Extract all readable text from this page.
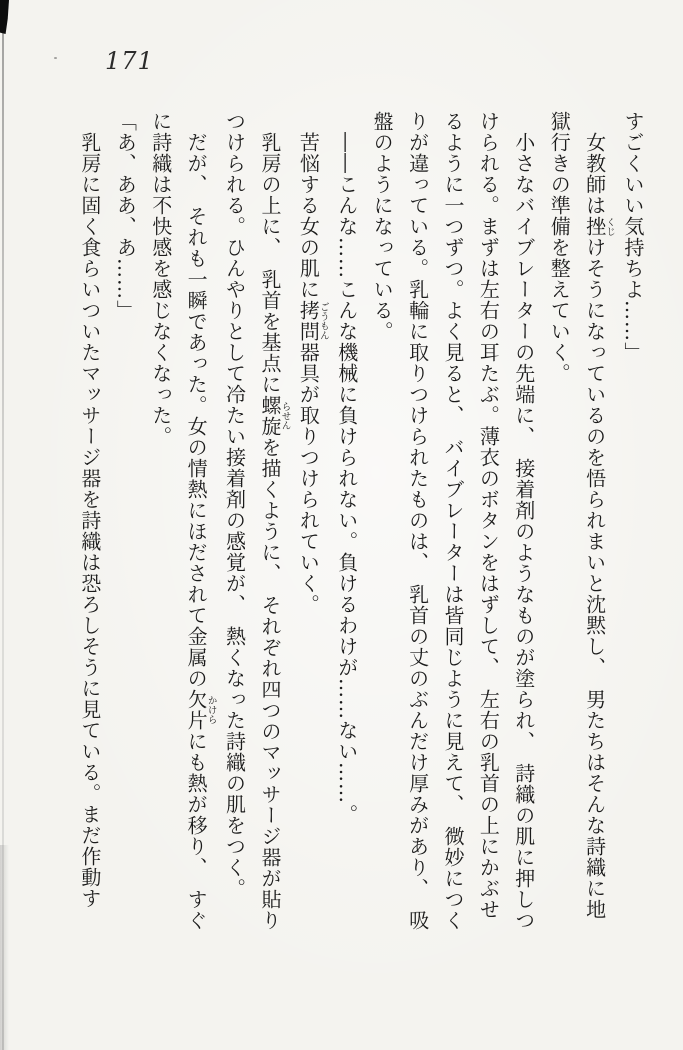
171

すごくいい気持ちよ……」

　女教師は挫くじけそうになっているのを悟られまいと沈黙し、　男たちはそんな詩織に地

獄行きの準備を整えていく。

　小さなバイブレーターの先端に、　接着剤のようなものが塗られ、　詩織の肌に押しつ

けられる。まずは左右の耳たぶ。薄衣のボタンをはずして、　左右の乳首の上にかぶせ

るように一つずつ。よく見ると、　バイブレーターは皆同じように見えて、　微妙につく

りが違っている。乳輪に取りつけられたものは、　乳首の丈のぶんだけ厚みがあり、　吸

盤のようになっている。

　――こんな……こんな機械に負けられない。負けるわけが……ない……。

　苦悩する女の肌に拷問ごうもん器具が取りつけられていく。

　乳房の上に、　乳首を基点に螺旋らせんを描くように、　それぞれ四つのマッサージ器が貼り

つけられる。ひんやりとして冷たい接着剤の感覚が、　熱くなった詩織の肌をつく。

　だが、　それも一瞬であった。女の情熱にほだされて金属の欠片かけらにも熱が移り、　すぐ

に詩織は不快感を感じなくなった。

「あ、ああ、あ……」

　乳房に固く食らいついたマッサージ器を詩織は恐ろしそうに見ている。まだ作動す
